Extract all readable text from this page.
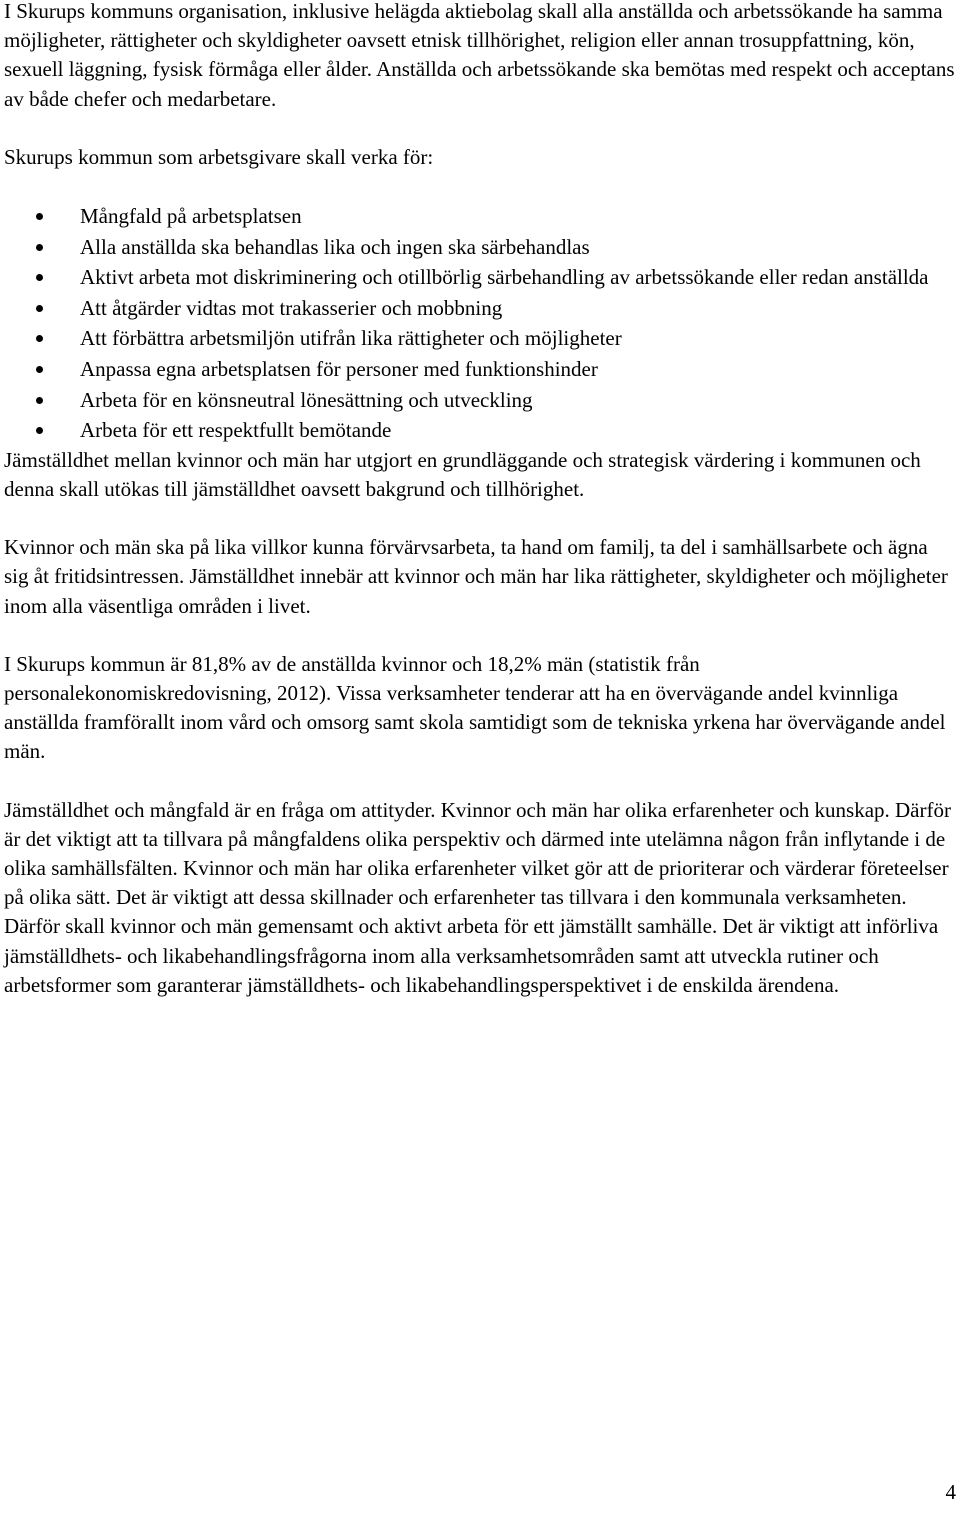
I Skurups kommuns organisation, inklusive helägda aktiebolag skall alla anställda och arbetssökande ha samma möjligheter, rättigheter och skyldigheter oavsett etnisk tillhörighet, religion eller annan trosuppfattning, kön, sexuell läggning, fysisk förmåga eller ålder. Anställda och arbetssökande ska bemötas med respekt och acceptans av både chefer och medarbetare.

Skurups kommun som arbetsgivare skall verka för:

Mångfald på arbetsplatsen
Alla anställda ska behandlas lika och ingen ska särbehandlas
Aktivt arbeta mot diskriminering och otillbörlig särbehandling av arbetssökande eller redan anställda
Att åtgärder vidtas mot trakasserier och mobbning
Att förbättra arbetsmiljön utifrån lika rättigheter och möjligheter
Anpassa egna arbetsplatsen för personer med funktionshinder
Arbeta för en könsneutral lönesättning och utveckling
Arbeta för ett respektfullt bemötande

Jämställdhet mellan kvinnor och män har utgjort en grundläggande och strategisk värdering i kommunen och denna skall utökas till jämställdhet oavsett bakgrund och tillhörighet.

Kvinnor och män ska på lika villkor kunna förvärvsarbeta, ta hand om familj, ta del i samhällsarbete och ägna sig åt fritidsintressen. Jämställdhet innebär att kvinnor och män har lika rättigheter, skyldigheter och möjligheter inom alla väsentliga områden i livet.

I Skurups kommun är 81,8% av de anställda kvinnor och 18,2% män (statistik från personalekonomiskredovisning, 2012). Vissa verksamheter tenderar att ha en övervägande andel kvinnliga anställda framförallt inom vård och omsorg samt skola samtidigt som de tekniska yrkena har övervägande andel män.

Jämställdhet och mångfald är en fråga om attityder. Kvinnor och män har olika erfarenheter och kunskap. Därför är det viktigt att ta tillvara på mångfaldens olika perspektiv och därmed inte utelämna någon från inflytande i de olika samhällsfälten. Kvinnor och män har olika erfarenheter vilket gör att de prioriterar och värderar företeelser på olika sätt. Det är viktigt att dessa skillnader och erfarenheter tas tillvara i den kommunala verksamheten. Därför skall kvinnor och män gemensamt och aktivt arbeta för ett jämställt samhälle. Det är viktigt att införliva jämställdhets- och likabehandlingsfrågorna inom alla verksamhetsområden samt att utveckla rutiner och arbetsformer som garanterar jämställdhets- och likabehandlingsperspektivet i de enskilda ärendena.

4
